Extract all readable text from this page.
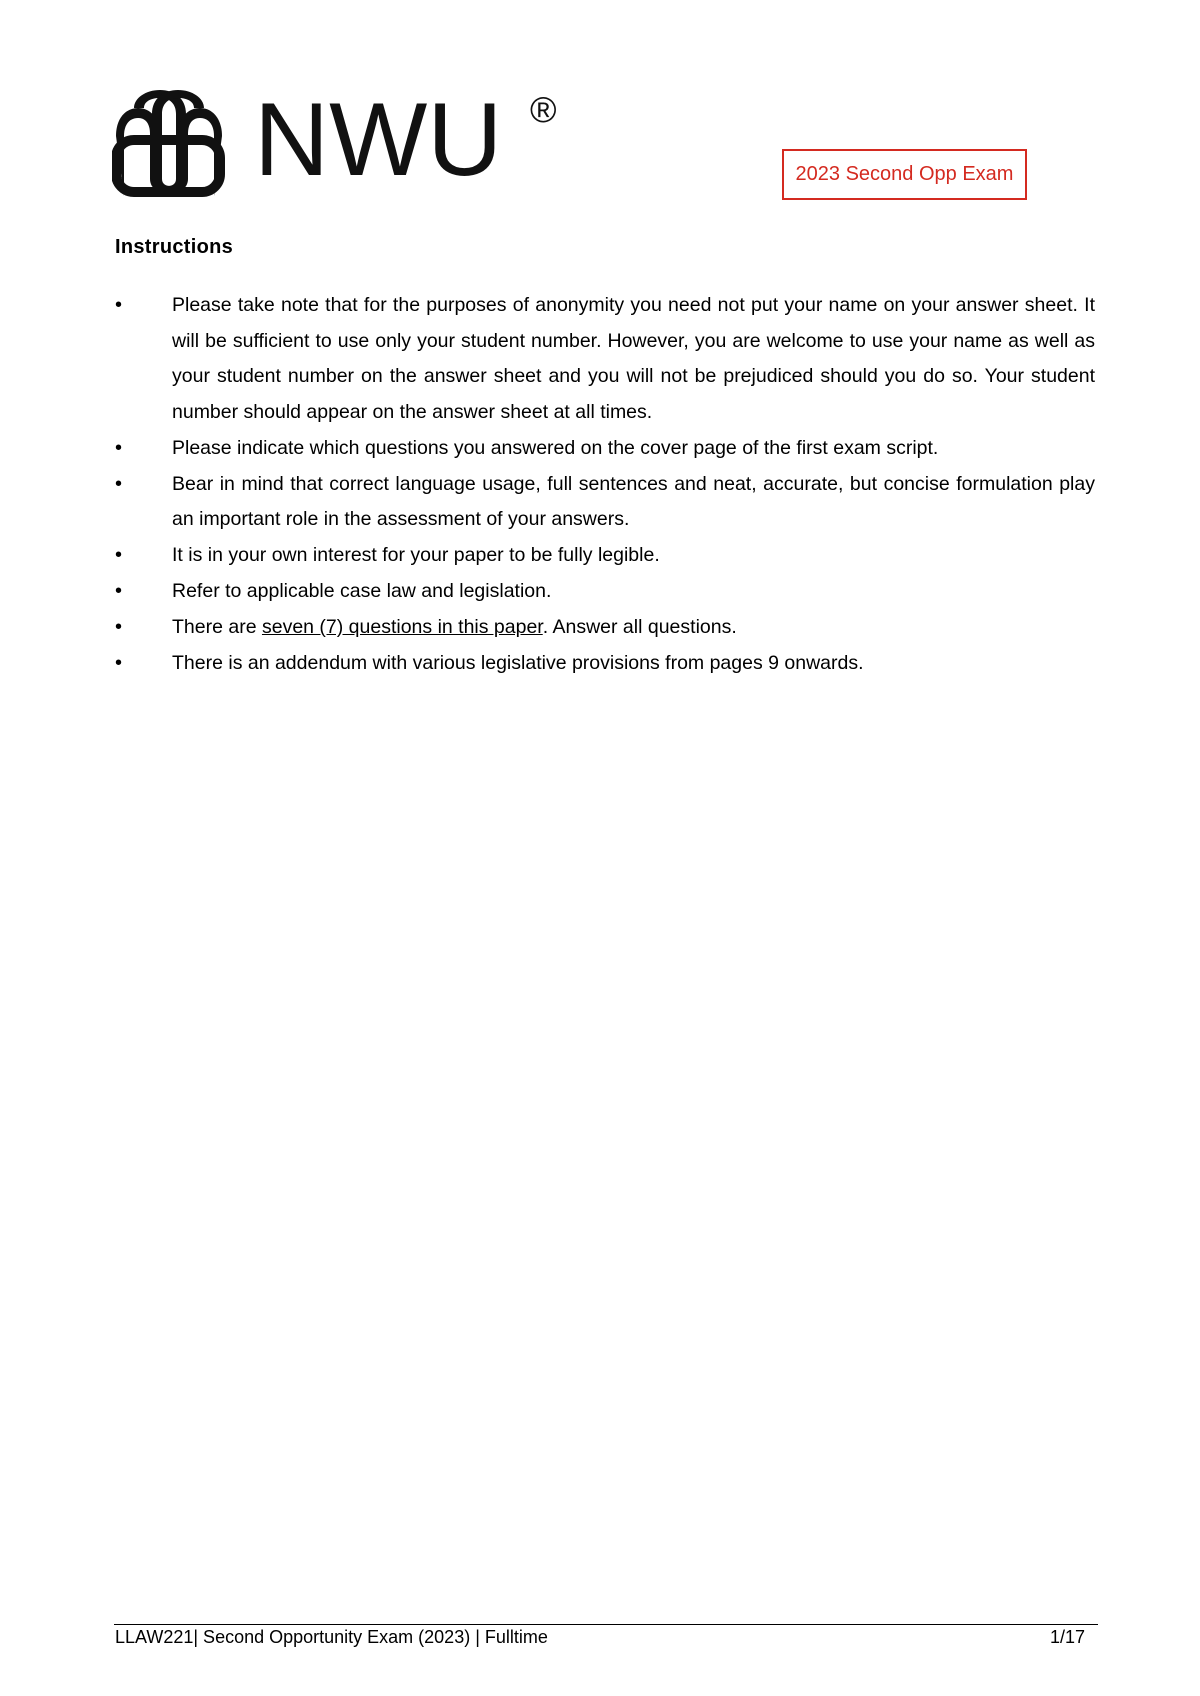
NWU ®
2023 Second Opp Exam
Instructions
•	Please take note that for the purposes of anonymity you need not put your name on your answer sheet. It will be sufficient to use only your student number. However, you are welcome to use your name as well as your student number on the answer sheet and you will not be prejudiced should you do so. Your student number should appear on the answer sheet at all times.
•	Please indicate which questions you answered on the cover page of the first exam script.
•	Bear in mind that correct language usage, full sentences and neat, accurate, but concise formulation play an important role in the assessment of your answers.
•	It is in your own interest for your paper to be fully legible.
•	Refer to applicable case law and legislation.
•	There are seven (7) questions in this paper. Answer all questions.
•	There is an addendum with various legislative provisions from pages 9 onwards.
LLAW221| Second Opportunity Exam (2023) | Fulltime	1/17
